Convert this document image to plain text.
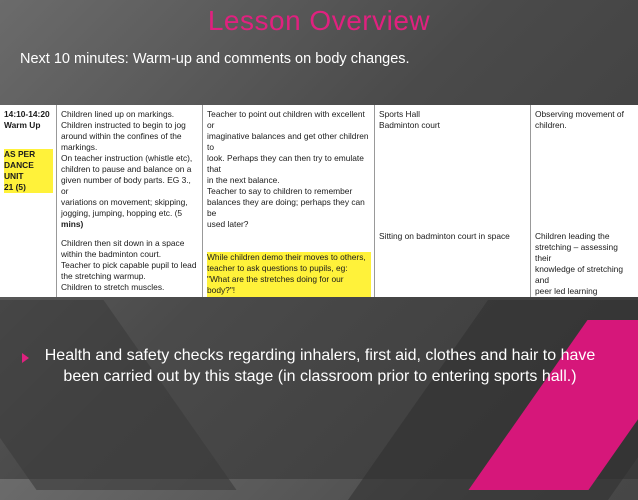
Lesson Overview
Next 10 minutes: Warm-up and comments on body changes.
14:10-14:20
Warm Up
AS PER
DANCE UNIT
21 (5)
Children lined up on markings.
Children instructed to begin to jog
around within the confines of the
markings.
On teacher instruction (whistle etc),
children to pause and balance on a
given number of body parts. EG 3., or
variations on movement; skipping,
jogging, jumping, hopping etc. (5
mins)
Children then sit down in a space
within the badminton court.
Teacher to pick capable pupil to lead
the stretching warmup.
Children to stretch muscles.
Teacher to point out children with excellent or
imaginative balances and get other children to
look. Perhaps they can then try to emulate that
in the next balance.
Teacher to say to children to remember
balances they are doing; perhaps they can be
used later?
While children demo their moves to others,
teacher to ask questions to pupils, eg:
"What are the stretches doing for our body?"!
Sports Hall
Badminton court
Sitting on badminton court in space
Observing movement of
children.
Children leading the
stretching – assessing their
knowledge of stretching and
peer led learning
Health and safety checks regarding inhalers, first aid, clothes and hair to have been carried out by this stage (in classroom prior to entering sports hall.)
